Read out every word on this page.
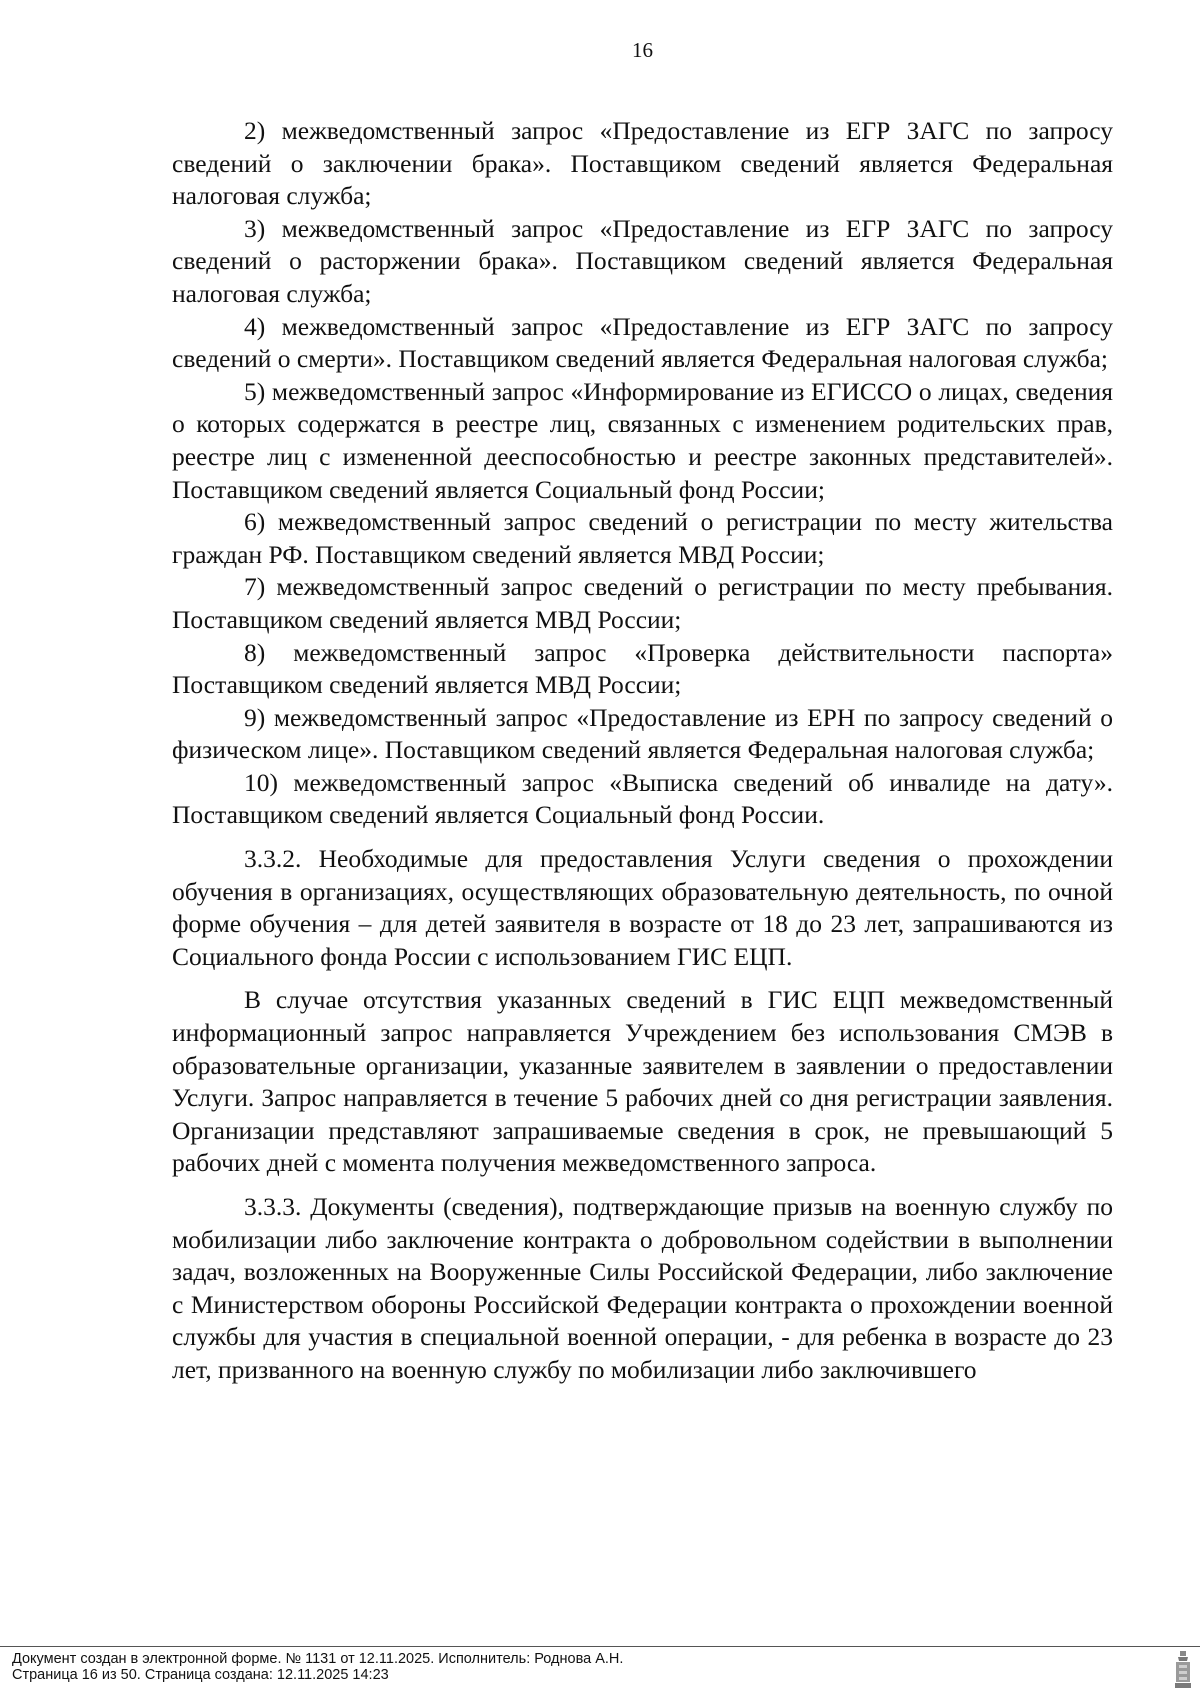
16

2) межведомственный запрос «Предоставление из ЕГР ЗАГС по запросу сведений о заключении брака». Поставщиком сведений является Федеральная налоговая служба;

3) межведомственный запрос «Предоставление из ЕГР ЗАГС по запросу сведений о расторжении брака». Поставщиком сведений является Федеральная налоговая служба;

4) межведомственный запрос «Предоставление из ЕГР ЗАГС по запросу сведений о смерти». Поставщиком сведений является Федеральная налоговая служба;

5) межведомственный запрос «Информирование из ЕГИССО о лицах, сведения о которых содержатся в реестре лиц, связанных с изменением родительских прав, реестре лиц с измененной дееспособностью и реестре законных представителей». Поставщиком сведений является Социальный фонд России;

6) межведомственный запрос сведений о регистрации по месту жительства граждан РФ. Поставщиком сведений является МВД России;

7) межведомственный запрос сведений о регистрации по месту пребывания. Поставщиком сведений является МВД России;

8) межведомственный запрос «Проверка действительности паспорта» Поставщиком сведений является МВД России;

9) межведомственный запрос «Предоставление из ЕРН по запросу сведений о физическом лице». Поставщиком сведений является Федеральная налоговая служба;

10) межведомственный запрос «Выписка сведений об инвалиде на дату». Поставщиком сведений является Социальный фонд России.

3.3.2. Необходимые для предоставления Услуги сведения о прохождении обучения в организациях, осуществляющих образовательную деятельность, по очной форме обучения – для детей заявителя в возрасте от 18 до 23 лет, запрашиваются из Социального фонда России с использованием ГИС ЕЦП.

В случае отсутствия указанных сведений в ГИС ЕЦП межведомственный информационный запрос направляется Учреждением без использования СМЭВ в образовательные организации, указанные заявителем в заявлении о предоставлении Услуги. Запрос направляется в течение 5 рабочих дней со дня регистрации заявления. Организации представляют запрашиваемые сведения в срок, не превышающий 5 рабочих дней с момента получения межведомственного запроса.

3.3.3. Документы (сведения), подтверждающие призыв на военную службу по мобилизации либо заключение контракта о добровольном содействии в выполнении задач, возложенных на Вооруженные Силы Российской Федерации, либо заключение с Министерством обороны Российской Федерации контракта о прохождении военной службы для участия в специальной военной операции, - для ребенка в возрасте до 23 лет, призванного на военную службу по мобилизации либо заключившего

Документ создан в электронной форме. № 1131 от 12.11.2025. Исполнитель: Роднова А.Н.
Страница 16 из 50. Страница создана: 12.11.2025 14:23
